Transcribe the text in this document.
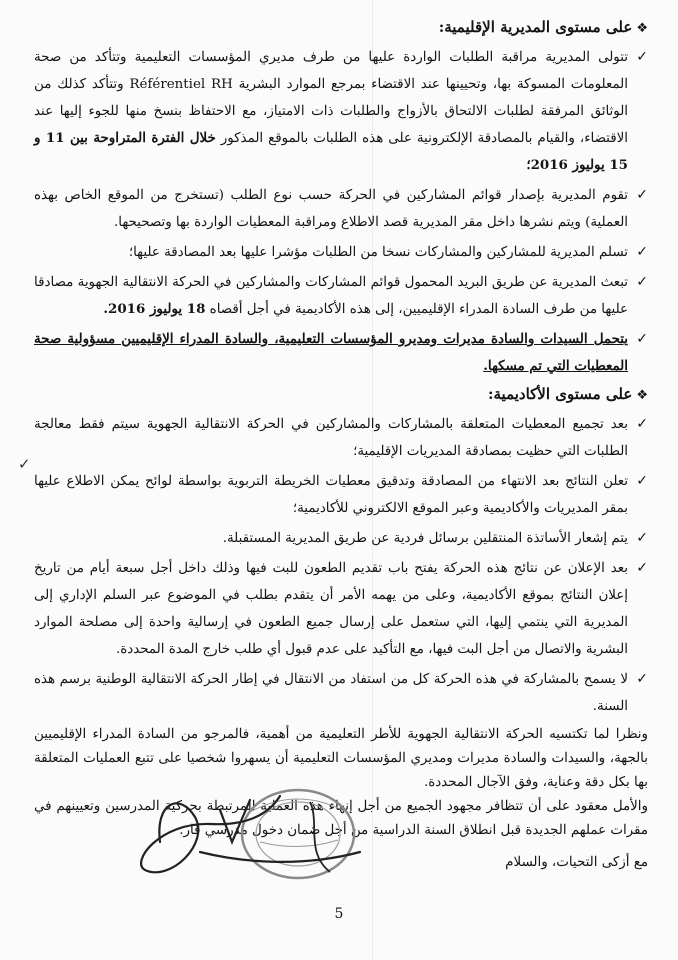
❖على مستوى المديرية الإقليمية:
✓
تتولى المديرية مراقبة الطلبات الواردة عليها من طرف مديري المؤسسات التعليمية وتتأكد من صحة المعلومات المسوكة بها، وتحيينها عند الاقتضاء بمرجع الموارد البشرية Référentiel RH وتتأكد كذلك من الوثائق المرفقة لطلبات الالتحاق بالأزواج والطلبات ذات الامتياز، مع الاحتفاظ بنسخ منها للجوء إليها عند الاقتضاء، والقيام بالمصادقة الإلكترونية على هذه الطلبات بالموقع المذكور خلال الفترة المتراوحة بين 11 و 15 يوليوز 2016؛
✓
تقوم المديرية بإصدار قوائم المشاركين في الحركة حسب نوع الطلب (تستخرج من الموقع الخاص بهذه العملية) ويتم نشرها داخل مقر المديرية قصد الاطلاع ومراقبة المعطيات الواردة بها وتصحيحها.
✓
تسلم المديرية للمشاركين والمشاركات نسخا من الطلبات مؤشرا عليها بعد المصادقة عليها؛
✓
تبعث المديرية عن طريق البريد المحمول قوائم المشاركات والمشاركين في الحركة الانتقالية الجهوية مصادقا عليها من طرف السادة المدراء الإقليميين، إلى هذه الأكاديمية في أجل أقصاه 18 يوليوز 2016.
✓
يتحمل السيدات والسادة مديرات ومديرو المؤسسات التعليمية، والسادة المدراء الإقليميين مسؤولية صحة المعطيات التي تم مسكها.
❖على مستوى الأكاديمية:
✓
بعد تجميع المعطيات المتعلقة بالمشاركات والمشاركين في الحركة الانتقالية الجهوية سيتم فقط معالجة الطلبات التي حظيت بمصادقة المديريات الإقليمية؛
✓
تعلن النتائج بعد الانتهاء من المصادقة وتدقيق معطيات الخريطة التربوية بواسطة لوائح يمكن الاطلاع عليها بمقر المديريات والأكاديمية وعبر الموقع الالكتروني للأكاديمية؛
✓
يتم إشعار الأساتذة المنتقلين برسائل فردية عن طريق المديرية المستقبلة.
✓
بعد الإعلان عن نتائج هذه الحركة يفتح باب تقديم الطعون للبت فيها وذلك داخل أجل سبعة أيام من تاريخ إعلان النتائج بموقع الأكاديمية، وعلى من يهمه الأمر أن يتقدم بطلب في الموضوع عبر السلم الإداري إلى المديرية التي ينتمي إليها، التي ستعمل على إرسال جميع الطعون في إرسالية واحدة إلى مصلحة الموارد البشرية والاتصال من أجل البت فيها، مع التأكيد على عدم قبول أي طلب خارج المدة المحددة.
✓
لا يسمح بالمشاركة في هذه الحركة كل من استفاد من الانتقال في إطار الحركة الانتقالية الوطنية برسم هذه السنة.

ونظرا لما تكتسيه الحركة الانتقالية الجهوية للأطر التعليمية من أهمية، فالمرجو من السادة المدراء الإقليميين بالجهة، والسيدات والسادة مديرات ومديري المؤسسات التعليمية أن يسهروا شخصيا على تتبع العمليات المتعلقة بها بكل دقة وعناية، وفق الآجال المحددة.

والأمل معقود على أن تتظافر مجهود الجميع من أجل إنهاء هذه العملية المرتبطة بحركية المدرسين وتعيينهم في مقرات عملهم الجديدة قبل انطلاق السنة الدراسية من أجل ضمان دخول مدرسي قار.

مع أزكى التحيات، والسلام

✓
5
